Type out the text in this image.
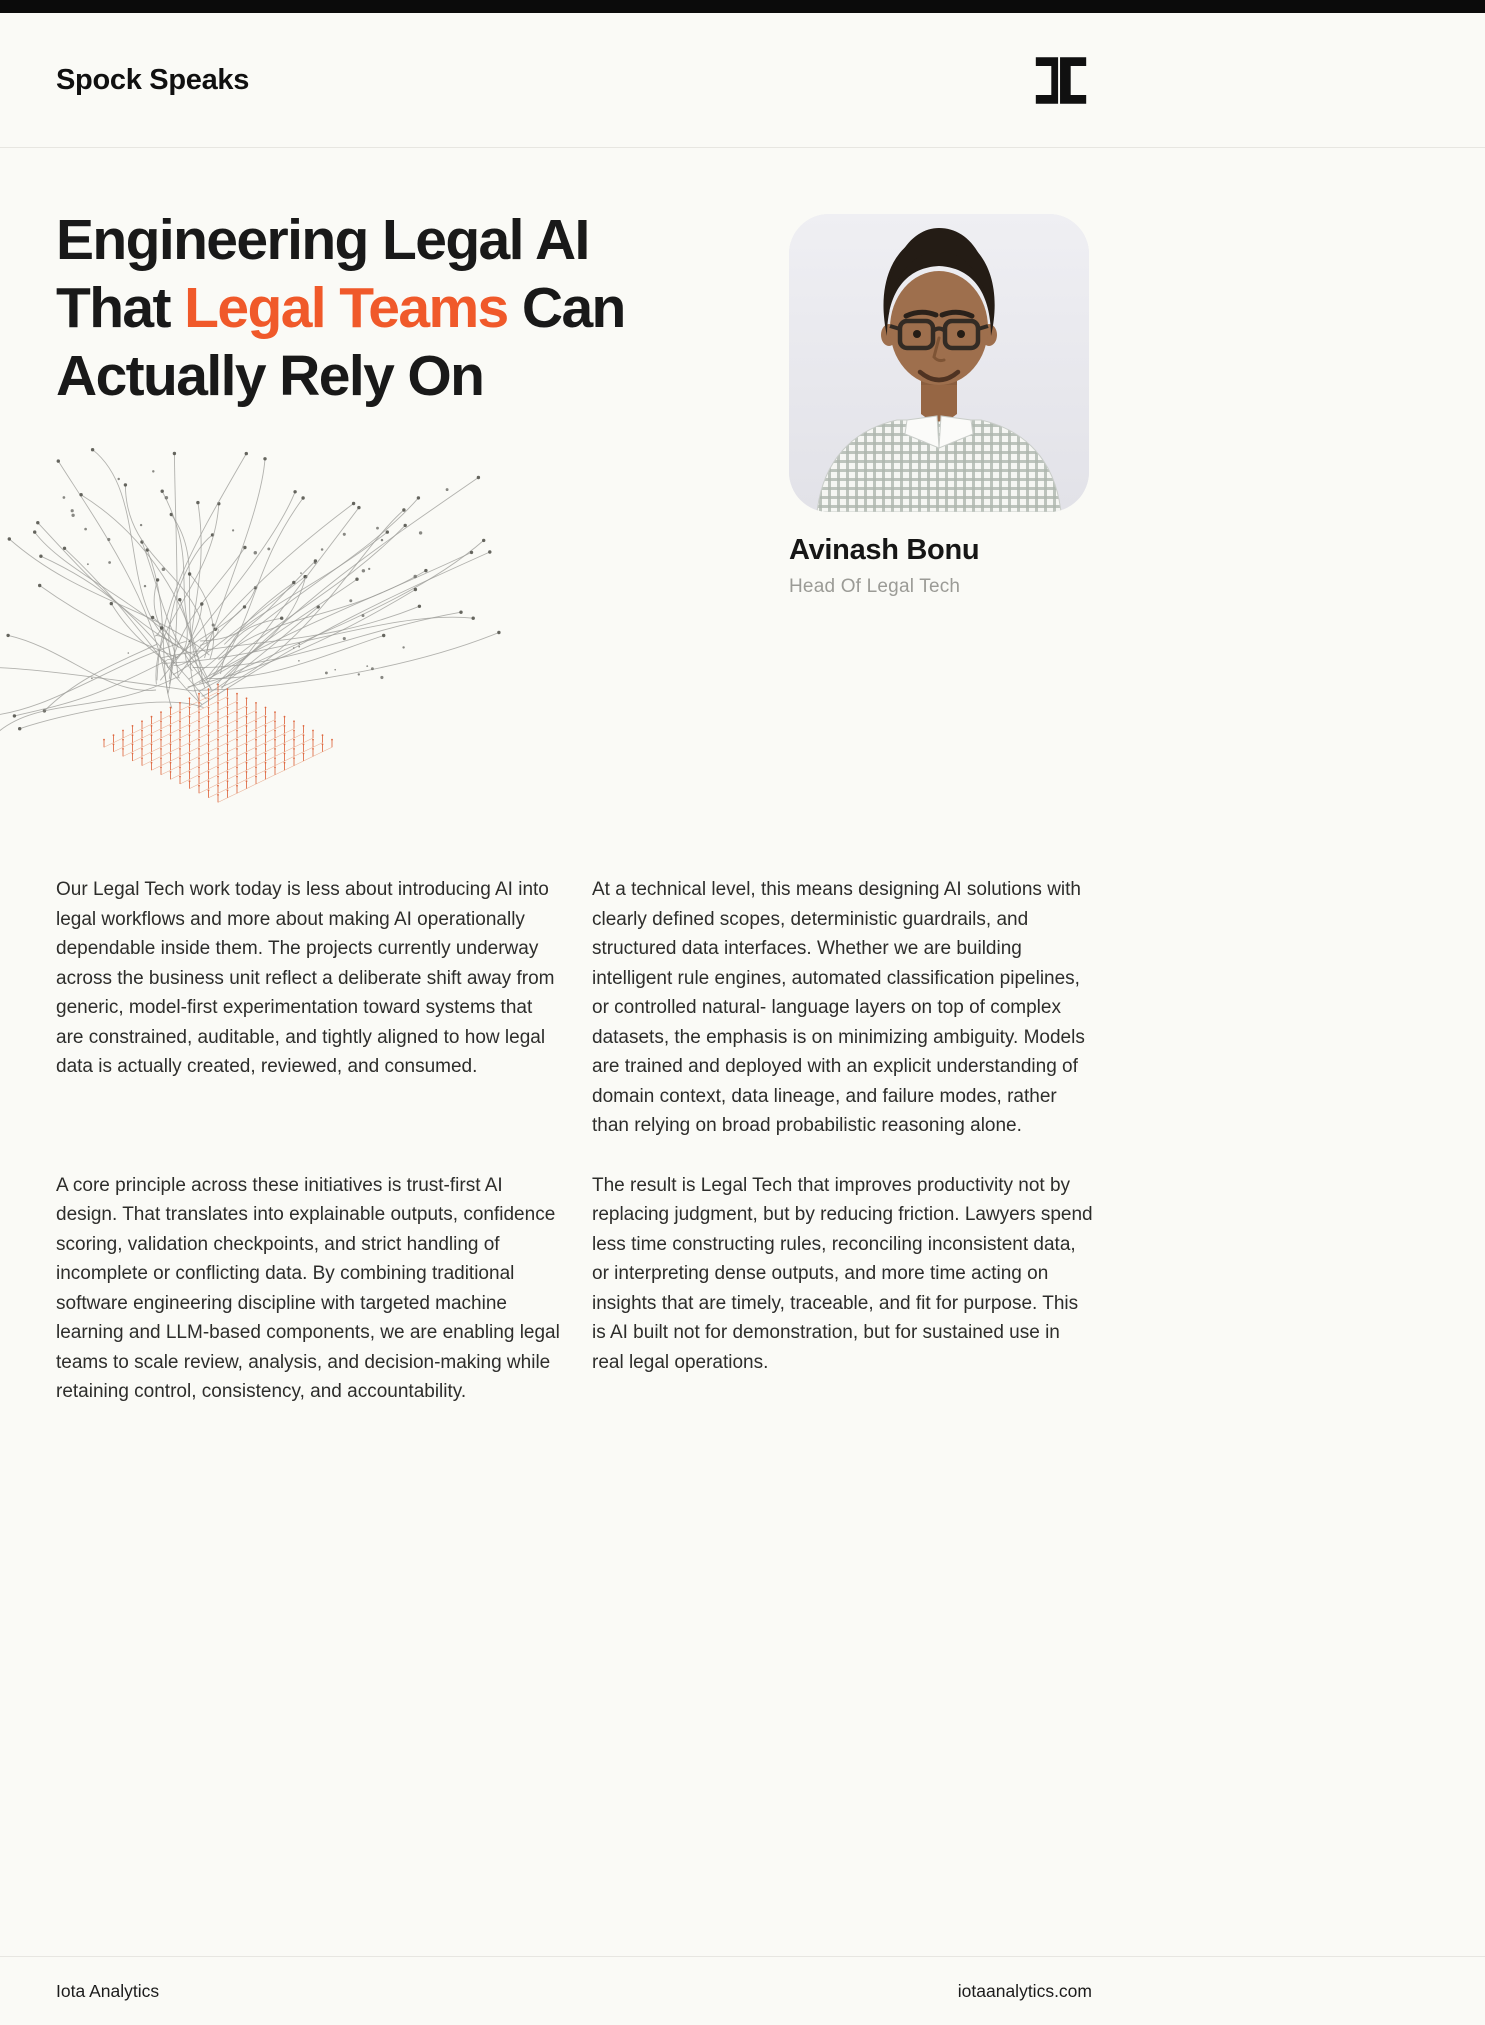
Spock Speaks
Engineering Legal AI
That Legal Teams Can
Actually Rely On
Avinash Bonu
Head Of Legal Tech

Our Legal Tech work today is less about introducing AI into legal workflows and more about making AI operationally dependable inside them. The projects currently underway across the business unit reflect a deliberate shift away from generic, model-first experimentation toward systems that are constrained, auditable, and tightly aligned to how legal data is actually created, reviewed, and consumed.

At a technical level, this means designing AI solutions with clearly defined scopes, deterministic guardrails, and structured data interfaces. Whether we are building intelligent rule engines, automated classification pipelines, or controlled natural- language layers on top of complex datasets, the emphasis is on minimizing ambiguity. Models are trained and deployed with an explicit understanding of domain context, data lineage, and failure modes, rather than relying on broad probabilistic reasoning alone.

A core principle across these initiatives is trust-first AI design. That translates into explainable outputs, confidence scoring, validation checkpoints, and strict handling of incomplete or conflicting data. By combining traditional software engineering discipline with targeted machine learning and LLM-based components, we are enabling legal teams to scale review, analysis, and decision-making while retaining control, consistency, and accountability.

The result is Legal Tech that improves productivity not by replacing judgment, but by reducing friction. Lawyers spend less time constructing rules, reconciling inconsistent data, or interpreting dense outputs, and more time acting on insights that are timely, traceable, and fit for purpose. This is AI built not for demonstration, but for sustained use in real legal operations.

Iota Analytics	iotaanalytics.com
